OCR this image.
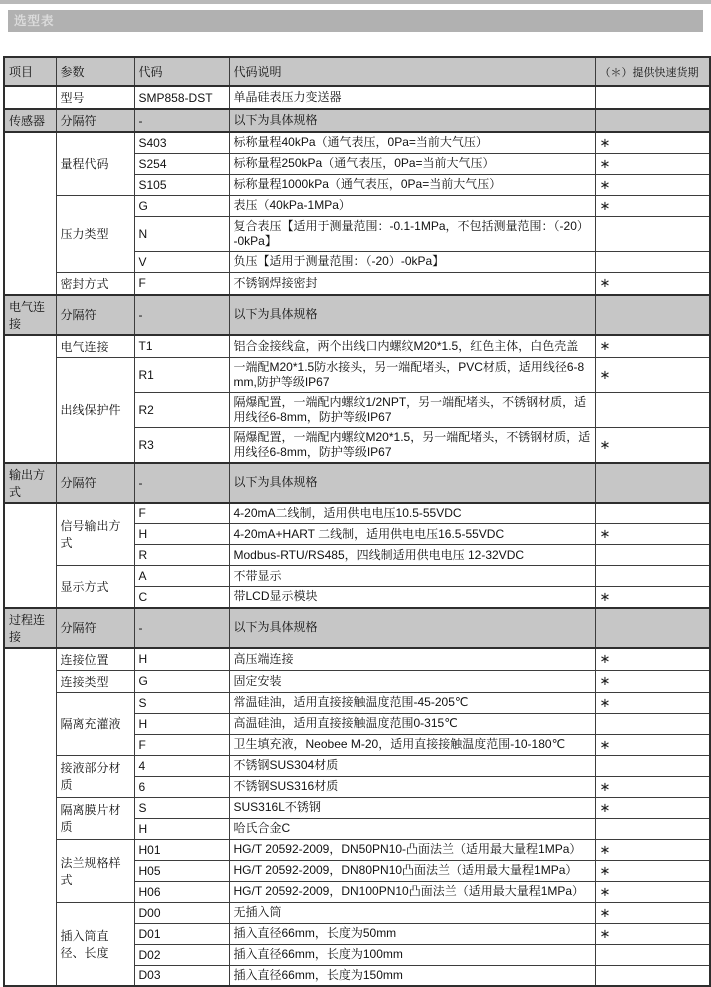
选型表
项目	参数	代码	代码说明	（＊）提供快速货期
	型号	SMP858-DST	单晶硅表压力变送器	
传感器	分隔符	-	以下为具体规格	
	量程代码	S403	标称量程40kPa（通气表压，0Pa=当前大气压）	∗
		S254	标称量程250kPa（通气表压，0Pa=当前大气压）	∗
		S105	标称量程1000kPa（通气表压，0Pa=当前大气压）	∗
	压力类型	G	表压（40kPa-1MPa）	∗
		N	复合表压【适用于测量范围：-0.1-1MPa，不包括测量范围：（-20）-0kPa】	
		V	负压【适用于测量范围：（-20）-0kPa】	
	密封方式	F	不锈钢焊接密封	∗
电气连接	分隔符	-	以下为具体规格	
	电气连接	T1	铝合金接线盒，两个出线口内螺纹M20*1.5，红色主体，白色壳盖	∗
	出线保护件	R1	一端配M20*1.5防水接头，另一端配堵头，PVC材质，适用线径6-8mm,防护等级IP67	∗
		R2	隔爆配置，一端配内螺纹1/2NPT，另一端配堵头，不锈钢材质，适用线径6-8mm，防护等级IP67	
		R3	隔爆配置，一端配内螺纹M20*1.5，另一端配堵头，不锈钢材质，适用线径6-8mm，防护等级IP67	∗
输出方式	分隔符	-	以下为具体规格	
	信号输出方式	F	4-20mA二线制，适用供电电压10.5-55VDC	
		H	4-20mA+HART 二线制，适用供电电压16.5-55VDC	∗
		R	Modbus-RTU/RS485，四线制适用供电电压 12-32VDC	
	显示方式	A	不带显示	
		C	带LCD显示模块	∗
过程连接	分隔符	-	以下为具体规格	
	连接位置	H	高压端连接	∗
	连接类型	G	固定安装	∗
	隔离充灌液	S	常温硅油，适用直接接触温度范围-45-205℃	∗
		H	高温硅油，适用直接接触温度范围0-315℃	
		F	卫生填充液，Neobee M-20，适用直接接触温度范围-10-180℃	∗
	接液部分材质	4	不锈钢SUS304材质	
		6	不锈钢SUS316材质	∗
	隔离膜片材质	S	SUS316L不锈钢	∗
		H	哈氏合金C	
	法兰规格样式	H01	HG/T 20592-2009，DN50PN10-凸面法兰（适用最大量程1MPa）	∗
		H05	HG/T 20592-2009，DN80PN10凸面法兰（适用最大量程1MPa）	∗
		H06	HG/T 20592-2009，DN100PN10凸面法兰（适用最大量程1MPa）	∗
	插入筒直径、长度	D00	无插入筒	∗
		D01	插入直径66mm，长度为50mm	∗
		D02	插入直径66mm，长度为100mm	
		D03	插入直径66mm，长度为150mm	
